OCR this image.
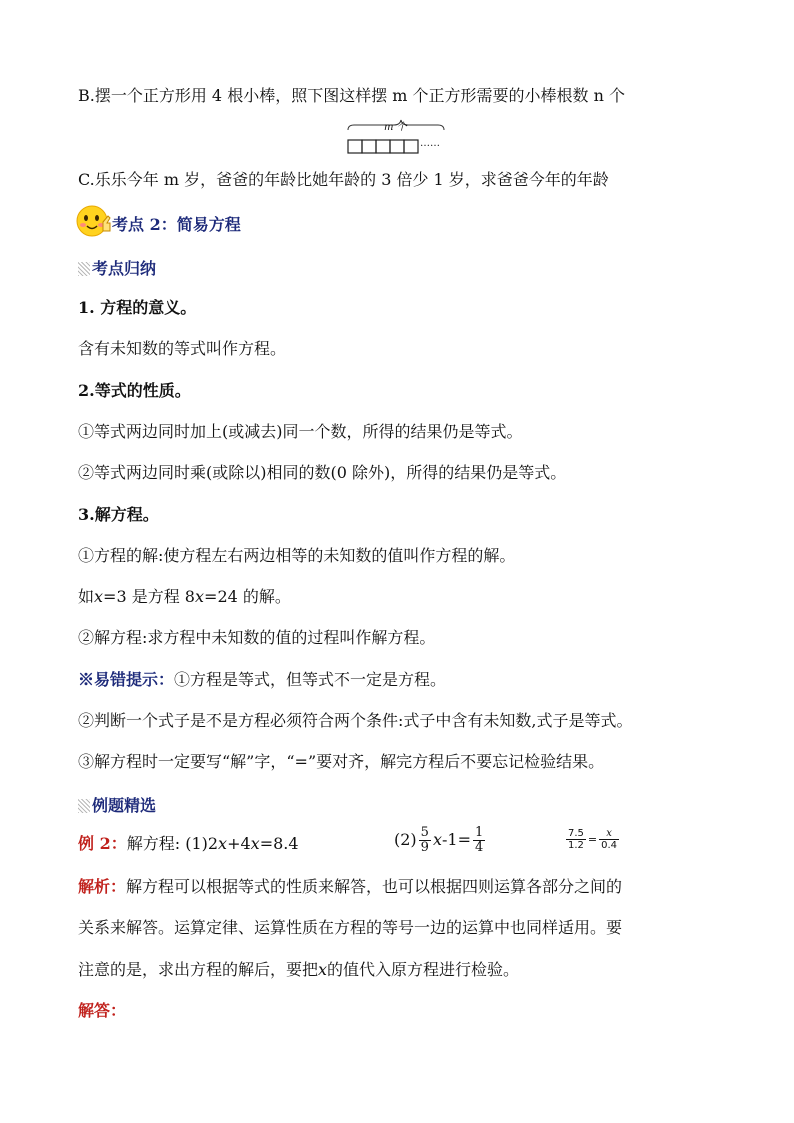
B.摆一个正方形用 4 根小棒，照下图这样摆 m 个正方形需要的小棒根数 n 个
m 个
……
C.乐乐今年 m 岁，爸爸的年龄比她年龄的 3 倍少 1 岁，求爸爸今年的年龄
考点 2：简易方程
考点归纳
1. 方程的意义。
含有未知数的等式叫作方程。
2.等式的性质。
①等式两边同时加上(或减去)同一个数，所得的结果仍是等式。
②等式两边同时乘(或除以)相同的数(0 除外)，所得的结果仍是等式。
3.解方程。
①方程的解:使方程左右两边相等的未知数的值叫作方程的解。
如x=3 是方程 8x=24 的解。
②解方程:求方程中未知数的值的过程叫作解方程。
※易错提示：①方程是等式，但等式不一定是方程。
②判断一个式子是不是方程必须符合两个条件:式子中含有未知数,式子是等式。
③解方程时一定要写“解”字，“=”要对齐，解完方程后不要忘记检验结果。
例题精选
例 2：解方程: (1)2x+4x=8.4	$(2) \frac{5}{9} x-1= \frac{1}{4}$	$\frac{7.5}{1.2} = \frac{x}{0.4}$
解析：解方程可以根据等式的性质来解答，也可以根据四则运算各部分之间的
关系来解答。运算定律、运算性质在方程的等号一边的运算中也同样适用。要
注意的是，求出方程的解后，要把x的值代入原方程进行检验。
解答：
